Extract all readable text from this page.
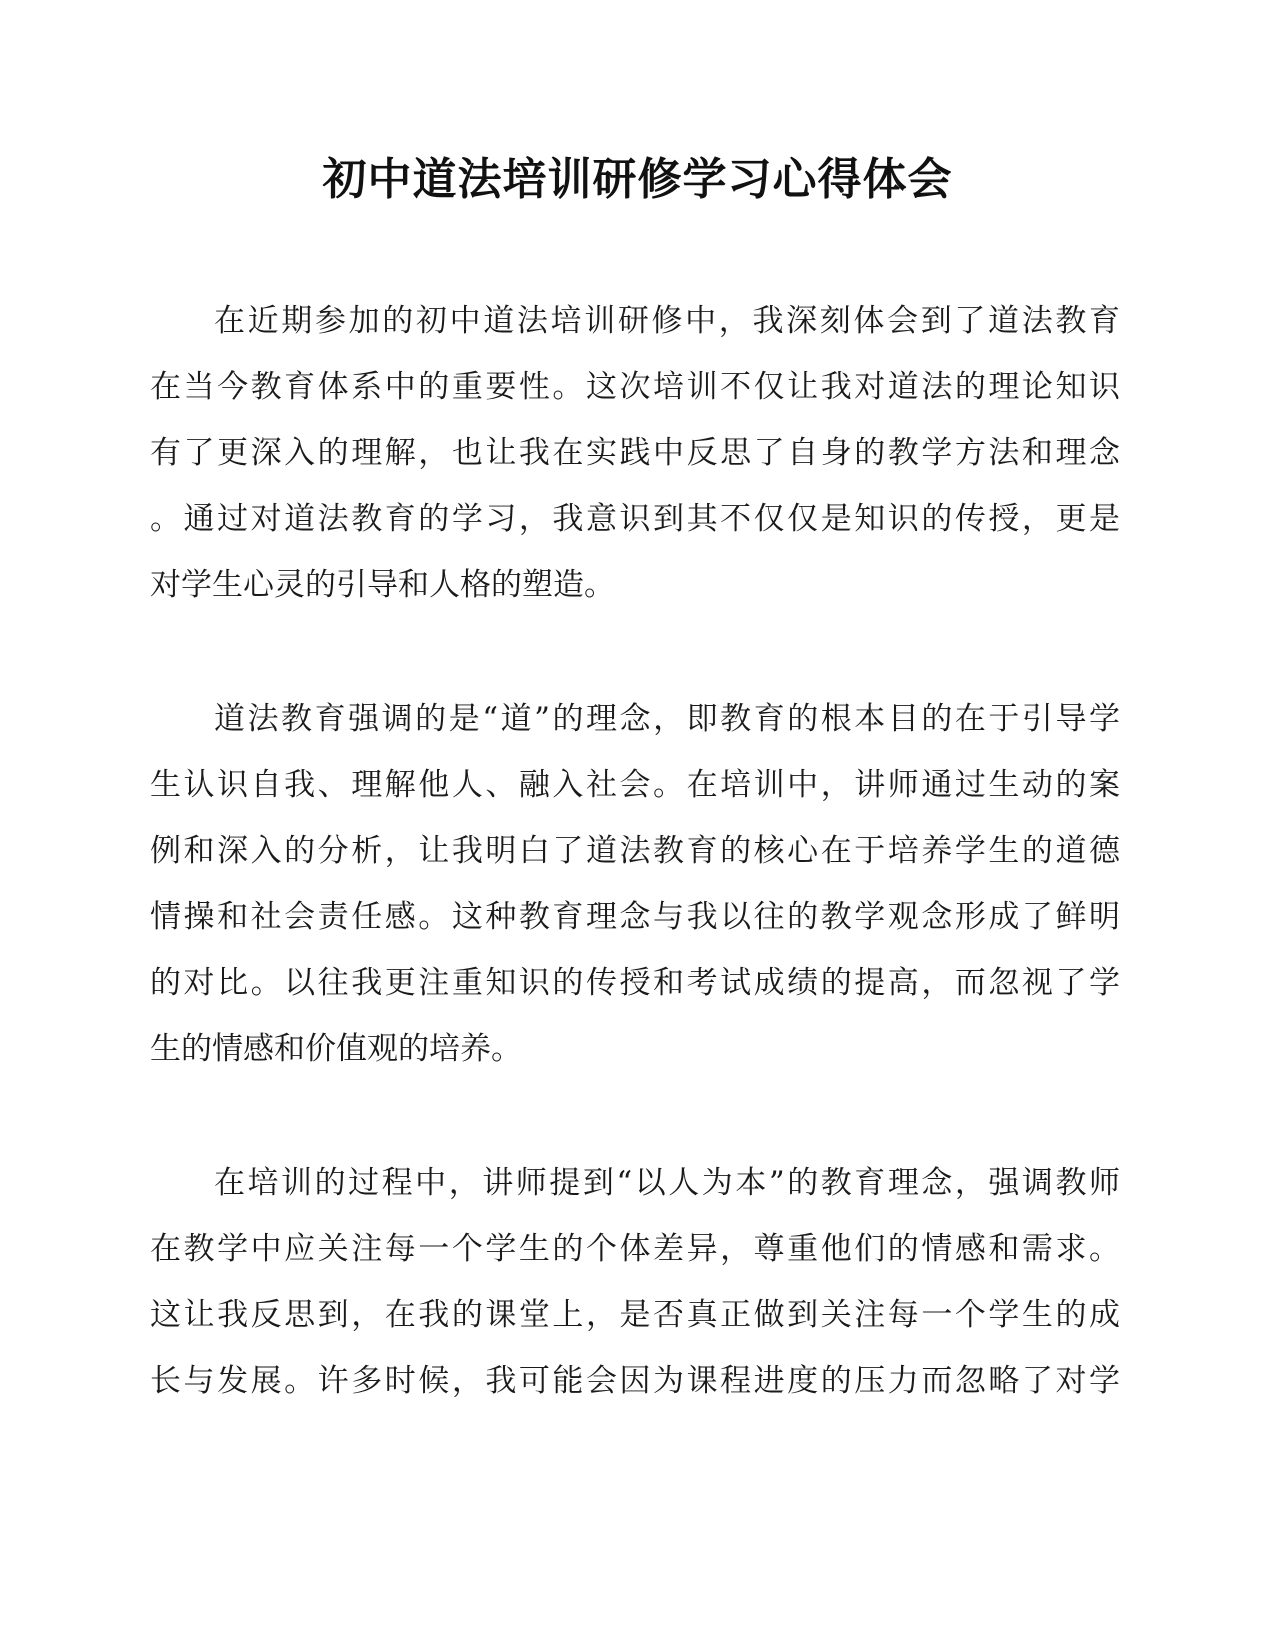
初中道法培训研修学习心得体会
在近期参加的初中道法培训研修中，我深刻体会到了道法教育
在当今教育体系中的重要性。这次培训不仅让我对道法的理论知识
有了更深入的理解，也让我在实践中反思了自身的教学方法和理念
。通过对道法教育的学习，我意识到其不仅仅是知识的传授，更是
对学生心灵的引导和人格的塑造。
道法教育强调的是“道”的理念，即教育的根本目的在于引导学
生认识自我、理解他人、融入社会。在培训中，讲师通过生动的案
例和深入的分析，让我明白了道法教育的核心在于培养学生的道德
情操和社会责任感。这种教育理念与我以往的教学观念形成了鲜明
的对比。以往我更注重知识的传授和考试成绩的提高，而忽视了学
生的情感和价值观的培养。
在培训的过程中，讲师提到“以人为本”的教育理念，强调教师
在教学中应关注每一个学生的个体差异，尊重他们的情感和需求。
这让我反思到，在我的课堂上，是否真正做到关注每一个学生的成
长与发展。许多时候，我可能会因为课程进度的压力而忽略了对学
